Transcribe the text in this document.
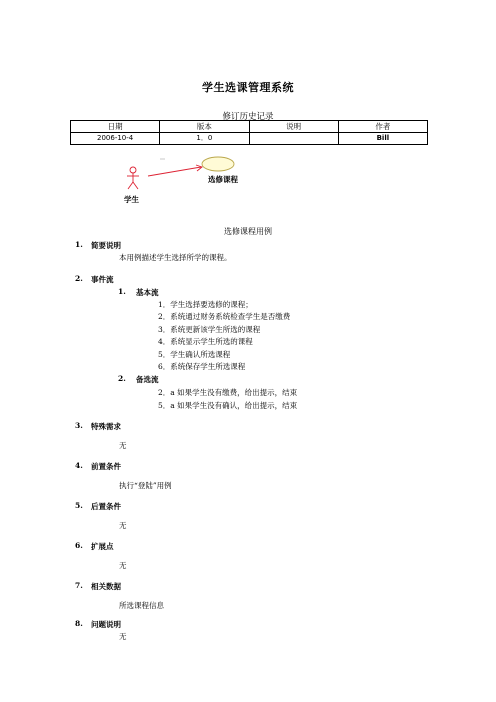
学生选课管理系统
修订历史记录
日期	版本	说明	作者
2006-10-4	1．0		Bill
学生
选修课程
选修课程用例
1. 简要说明
本用例描述学生选择所学的课程。
2. 事件流
1. 基本流
1．学生选择要选修的课程；
2．系统通过财务系统检查学生是否缴费
3．系统更新该学生所选的课程
4．系统显示学生所选的课程
5．学生确认所选课程
6．系统保存学生所选课程
2. 备选流
2．a 如果学生没有缴费，给出提示，结束
5．a 如果学生没有确认，给出提示，结束
3. 特殊需求
无
4. 前置条件
执行“登陆”用例
5. 后置条件
无
6. 扩展点
无
7. 相关数据
所选课程信息
8. 问题说明
无
